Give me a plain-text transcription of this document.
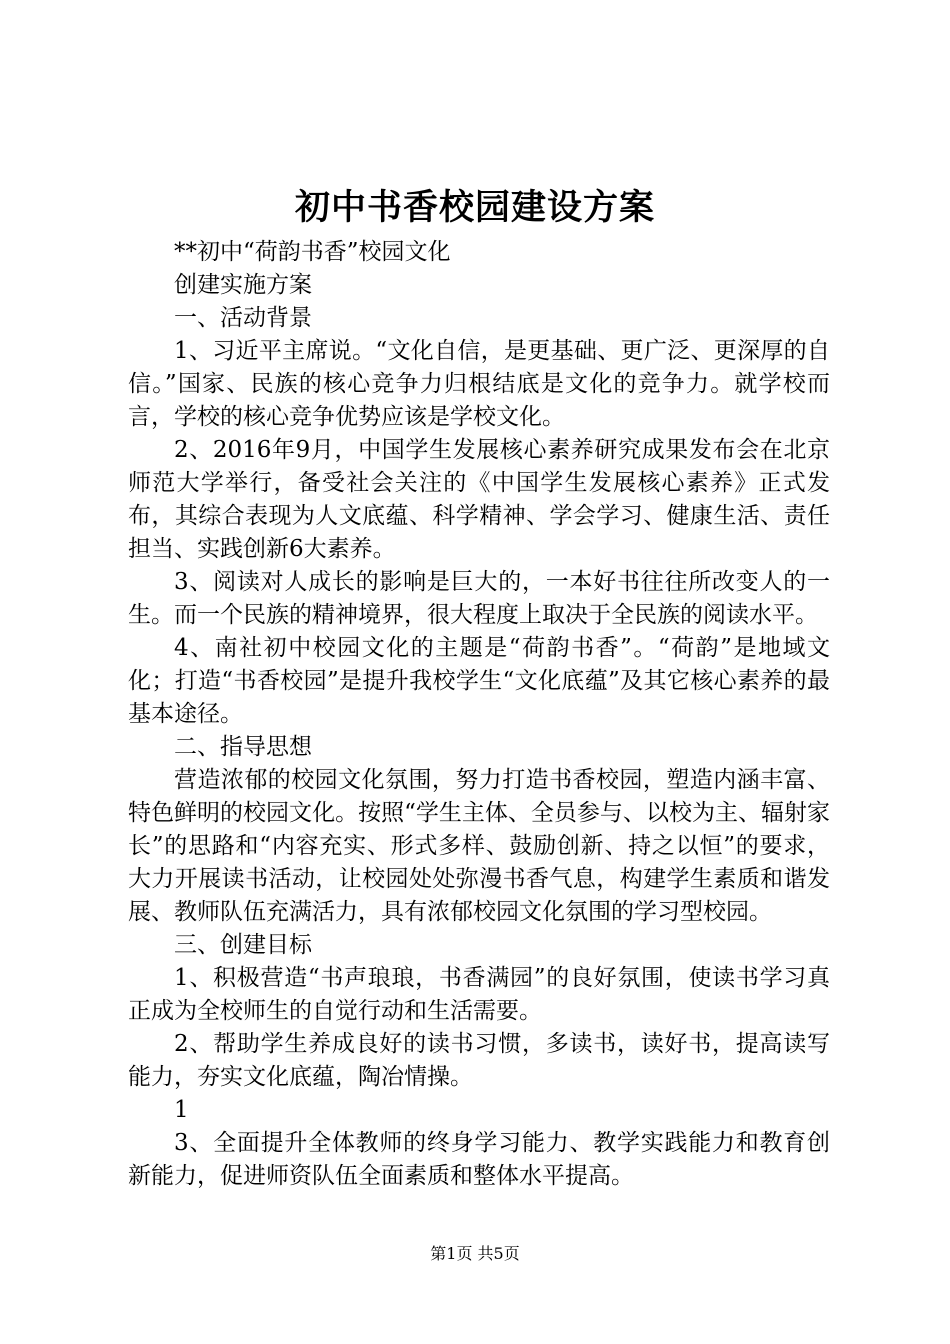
初中书香校园建设方案

**初中“荷韵书香”校园文化

创建实施方案

一、活动背景

1、习近平主席说。“文化自信，是更基础、更广泛、更深厚的自信。”国家、民族的核心竞争力归根结底是文化的竞争力。就学校而言，学校的核心竞争优势应该是学校文化。

2、2016年9月，中国学生发展核心素养研究成果发布会在北京师范大学举行，备受社会关注的《中国学生发展核心素养》正式发布，其综合表现为人文底蕴、科学精神、学会学习、健康生活、责任担当、实践创新6大素养。

3、阅读对人成长的影响是巨大的，一本好书往往所改变人的一生。而一个民族的精神境界，很大程度上取决于全民族的阅读水平。

4、南社初中校园文化的主题是“荷韵书香”。“荷韵”是地域文化；打造“书香校园”是提升我校学生“文化底蕴”及其它核心素养的最基本途径。

二、指导思想

营造浓郁的校园文化氛围，努力打造书香校园，塑造内涵丰富、特色鲜明的校园文化。按照“学生主体、全员参与、以校为主、辐射家长”的思路和“内容充实、形式多样、鼓励创新、持之以恒”的要求，大力开展读书活动，让校园处处弥漫书香气息，构建学生素质和谐发展、教师队伍充满活力，具有浓郁校园文化氛围的学习型校园。

三、创建目标

1、积极营造“书声琅琅，书香满园”的良好氛围，使读书学习真正成为全校师生的自觉行动和生活需要。

2、帮助学生养成良好的读书习惯，多读书，读好书，提高读写能力，夯实文化底蕴，陶冶情操。

1

3、全面提升全体教师的终身学习能力、教学实践能力和教育创新能力，促进师资队伍全面素质和整体水平提高。

第1页 共5页
